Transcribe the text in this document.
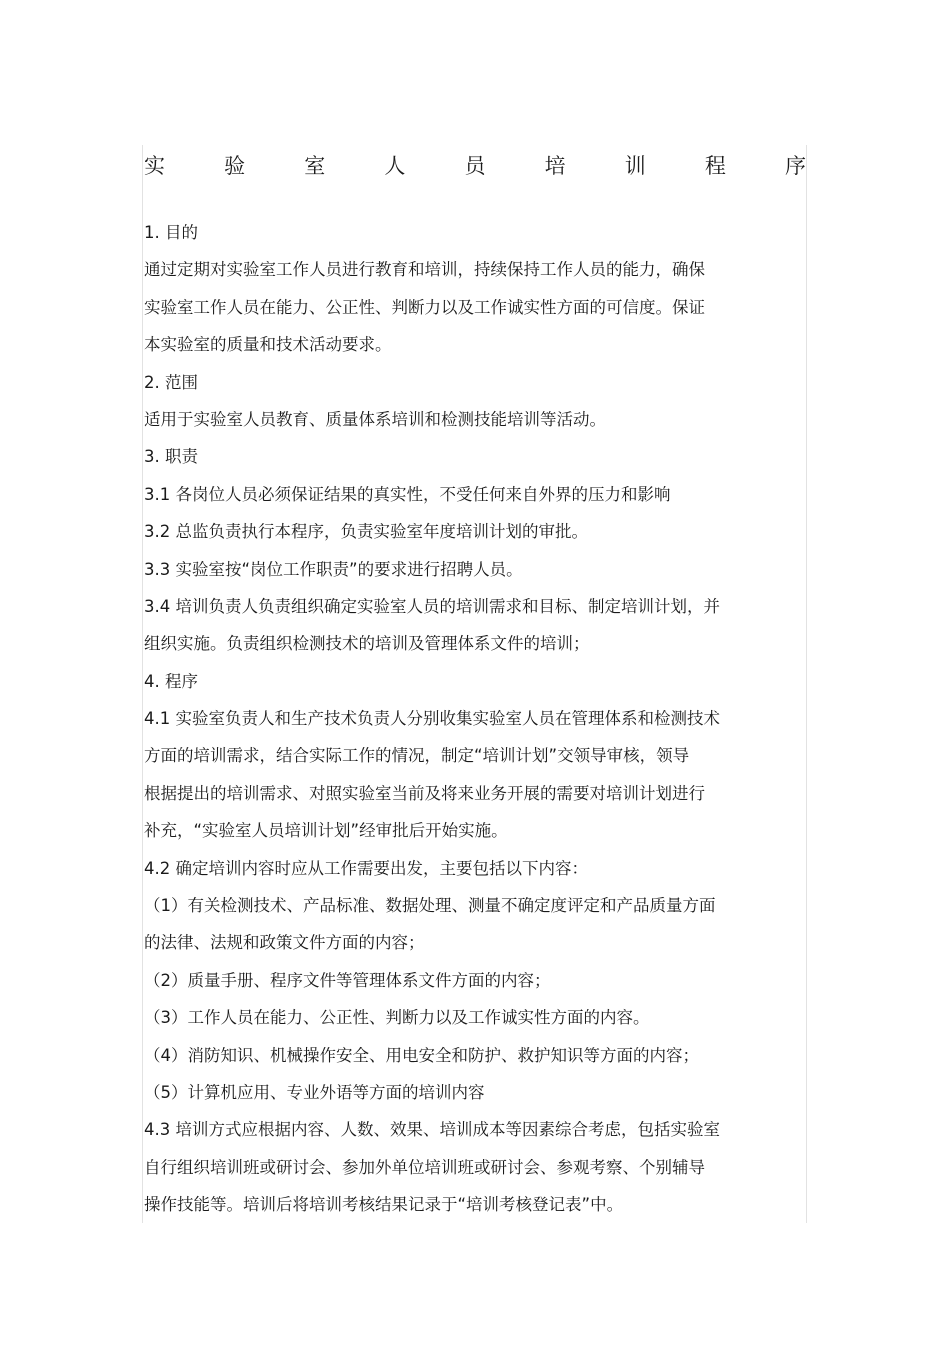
实	验	室	人	员	培	训	程	序
1. 目的
通过定期对实验室工作人员进行教育和培训，持续保持工作人员的能力，确保
实验室工作人员在能力、公正性、判断力以及工作诚实性方面的可信度。保证
本实验室的质量和技术活动要求。
2. 范围
适用于实验室人员教育、质量体系培训和检测技能培训等活动。
3. 职责
3.1 各岗位人员必须保证结果的真实性，不受任何来自外界的压力和影响
3.2 总监负责执行本程序，负责实验室年度培训计划的审批。
3.3 实验室按“岗位工作职责”的要求进行招聘人员。
3.4 培训负责人负责组织确定实验室人员的培训需求和目标、制定培训计划，并
组织实施。负责组织检测技术的培训及管理体系文件的培训；
4. 程序
4.1 实验室负责人和生产技术负责人分别收集实验室人员在管理体系和检测技术
方面的培训需求，结合实际工作的情况，制定“培训计划”交领导审核，领导
根据提出的培训需求、对照实验室当前及将来业务开展的需要对培训计划进行
补充，“实验室人员培训计划”经审批后开始实施。
4.2 确定培训内容时应从工作需要出发，主要包括以下内容：
（1）有关检测技术、产品标准、数据处理、测量不确定度评定和产品质量方面
的法律、法规和政策文件方面的内容；
（2）质量手册、程序文件等管理体系文件方面的内容；
（3）工作人员在能力、公正性、判断力以及工作诚实性方面的内容。
（4）消防知识、机械操作安全、用电安全和防护、救护知识等方面的内容；
（5）计算机应用、专业外语等方面的培训内容
4.3 培训方式应根据内容、人数、效果、培训成本等因素综合考虑，包括实验室
自行组织培训班或研讨会、参加外单位培训班或研讨会、参观考察、个别辅导
操作技能等。培训后将培训考核结果记录于“培训考核登记表”中。
